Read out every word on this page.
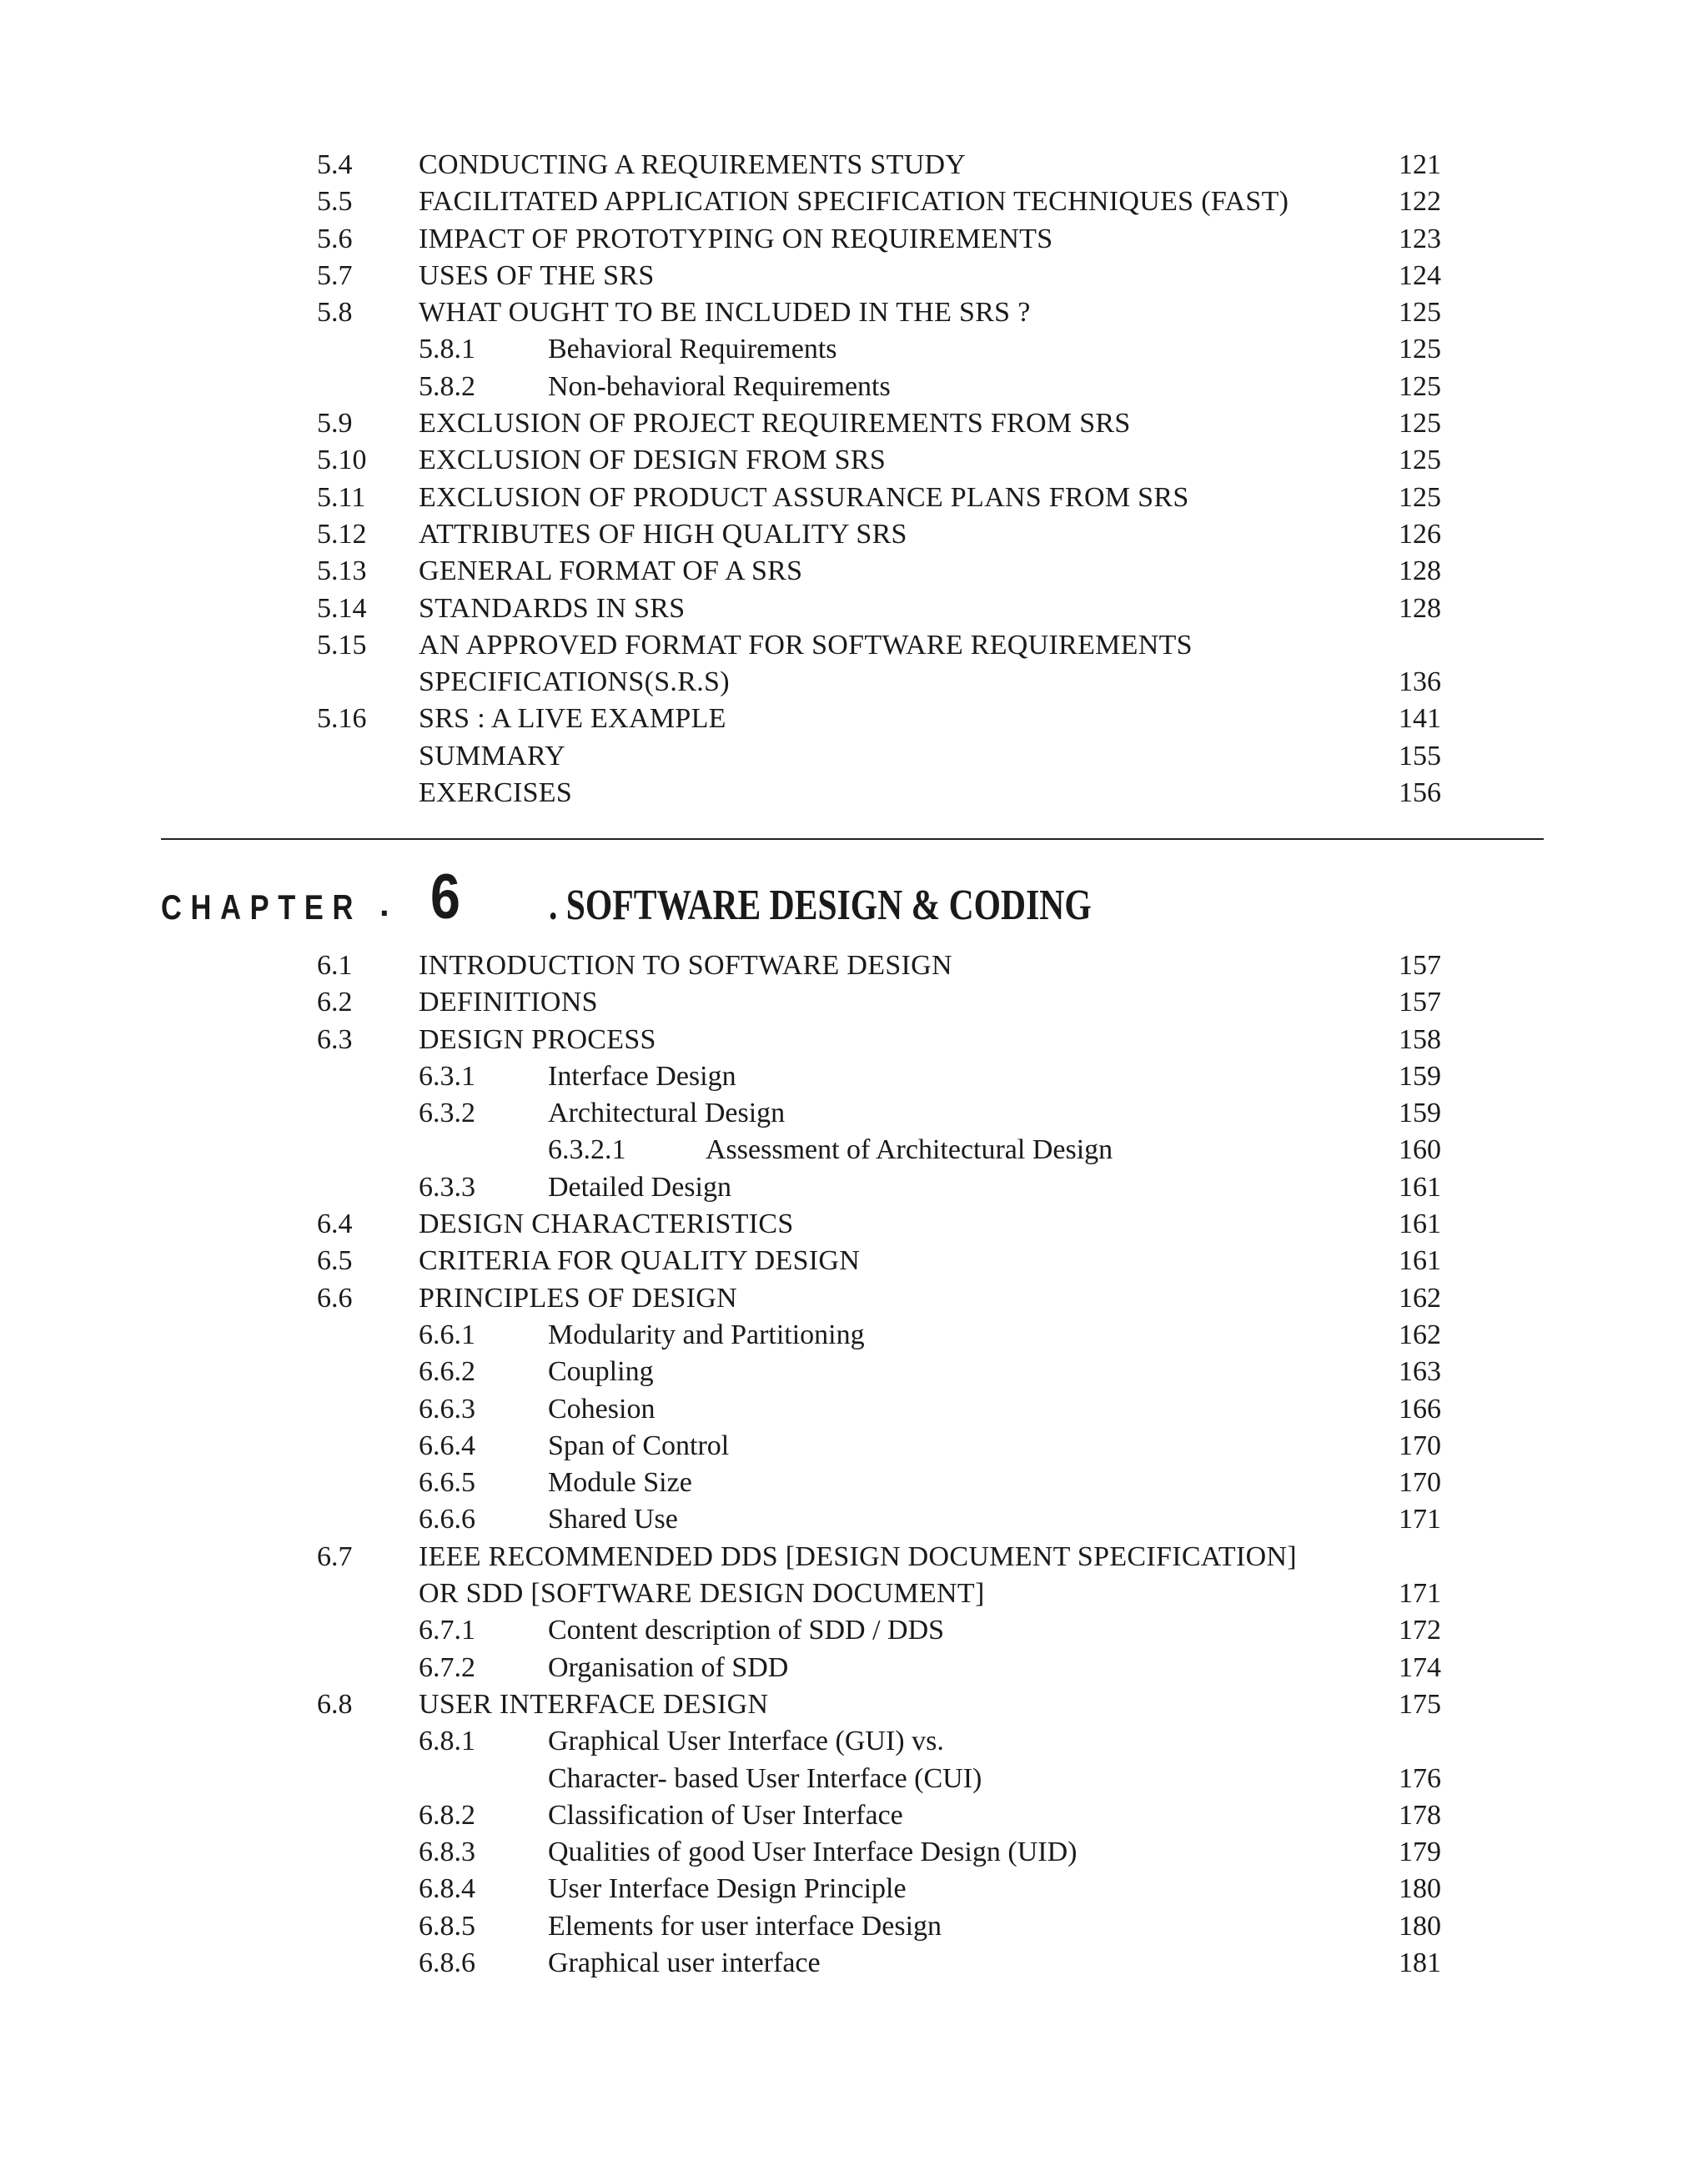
5.4 CONDUCTING A REQUIREMENTS STUDY	121
5.5 FACILITATED APPLICATION SPECIFICATION TECHNIQUES (FAST)	122
5.6 IMPACT OF PROTOTYPING ON REQUIREMENTS	123
5.7 USES OF THE SRS	124
5.8 WHAT OUGHT TO BE INCLUDED IN THE SRS ?	125
5.8.1	Behavioral Requirements	125
5.8.2	Non-behavioral Requirements	125
5.9 EXCLUSION OF PROJECT REQUIREMENTS FROM SRS	125
5.10 EXCLUSION OF DESIGN FROM SRS	125
5.11 EXCLUSION OF PRODUCT ASSURANCE PLANS FROM SRS	125
5.12 ATTRIBUTES OF HIGH QUALITY SRS	126
5.13 GENERAL FORMAT OF A SRS	128
5.14 STANDARDS IN SRS	128
5.15 AN APPROVED FORMAT FOR SOFTWARE REQUIREMENTS
SPECIFICATIONS(S.R.S)	136
5.16 SRS : A LIVE EXAMPLE	141
SUMMARY	155
EXERCISES	156
CHAPTER . 6 . SOFTWARE DESIGN & CODING
6.1 INTRODUCTION TO SOFTWARE DESIGN	157
6.2 DEFINITIONS	157
6.3 DESIGN PROCESS	158
6.3.1	Interface Design	159
6.3.2	Architectural Design	159
6.3.2.1	Assessment of Architectural Design	160
6.3.3	Detailed Design	161
6.4 DESIGN CHARACTERISTICS	161
6.5 CRITERIA FOR QUALITY DESIGN	161
6.6 PRINCIPLES OF DESIGN	162
6.6.1	Modularity and Partitioning	162
6.6.2	Coupling	163
6.6.3	Cohesion	166
6.6.4	Span of Control	170
6.6.5	Module Size	170
6.6.6	Shared Use	171
6.7 IEEE RECOMMENDED DDS [DESIGN DOCUMENT SPECIFICATION]
OR SDD [SOFTWARE DESIGN DOCUMENT]	171
6.7.1	Content description of SDD / DDS	172
6.7.2	Organisation of SDD	174
6.8 USER INTERFACE DESIGN	175
6.8.1	Graphical User Interface (GUI) vs.
Character- based User Interface (CUI)	176
6.8.2	Classification of User Interface	178
6.8.3	Qualities of good User Interface Design (UID)	179
6.8.4	User Interface Design Principle	180
6.8.5	Elements for user interface Design	180
6.8.6	Graphical user interface	181
